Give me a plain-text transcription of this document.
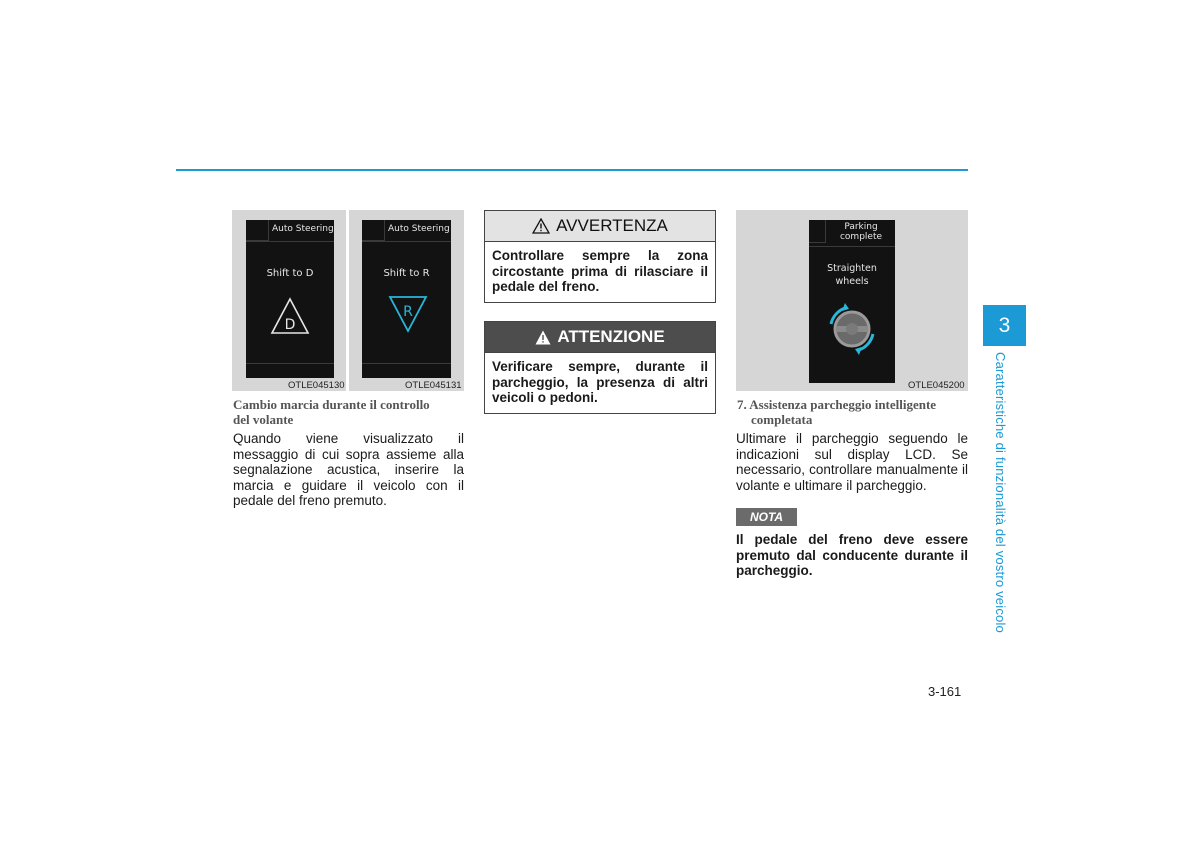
Auto Steering
Shift to D
D
OTLE045130
Auto Steering
Shift to R
R
OTLE045131
Cambio marcia durante il controllo
del volante
Quando viene visualizzato il messaggio di cui sopra assieme alla segnalazione acustica, inserire la marcia e guidare il veicolo con il pedale del freno premuto.
AVVERTENZA
Controllare sempre la zona circostante prima di rilasciare il pedale del freno.
ATTENZIONE
Verificare sempre, durante il parcheggio, la presenza di altri veicoli o pedoni.
Parking
complete
Straighten
wheels
OTLE045200
7. Assistenza parcheggio intelligente
completata
Ultimare il parcheggio seguendo le indicazioni sul display LCD. Se necessario, controllare manualmente il volante e ultimare il parcheggio.
NOTA
Il pedale del freno deve essere premuto dal conducente durante il parcheggio.
3
Caratteristiche di funzionalità del vostro veicolo
3-161
